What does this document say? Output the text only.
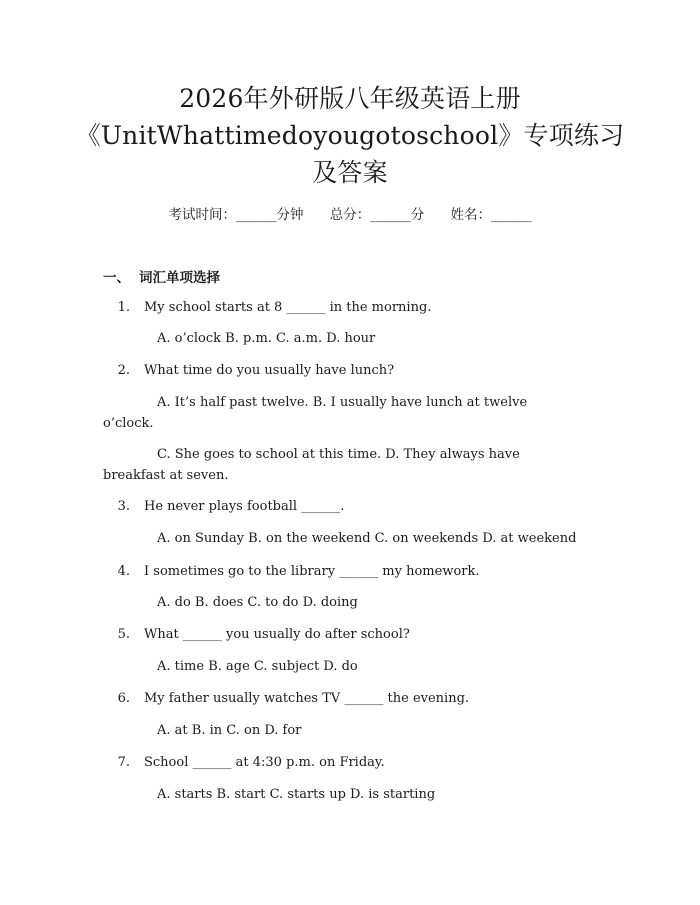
2026年外研版八年级英语上册
《UnitWhattimedoyougotoschool》专项练习
及答案
考试时间：______分钟 总分：______分 姓名：______
一、 词汇单项选择
1. My school starts at 8 ______ in the morning.
A. o’clock B. p.m. C. a.m. D. hour
2. What time do you usually have lunch?
A. It’s half past twelve. B. I usually have lunch at twelve o’clock.
C. She goes to school at this time. D. They always have breakfast at seven.
3. He never plays football ______.
A. on Sunday B. on the weekend C. on weekends D. at weekend
4. I sometimes go to the library ______ my homework.
A. do B. does C. to do D. doing
5. What ______ you usually do after school?
A. time B. age C. subject D. do
6. My father usually watches TV ______ the evening.
A. at B. in C. on D. for
7. School ______ at 4:30 p.m. on Friday.
A. starts B. start C. starts up D. is starting
